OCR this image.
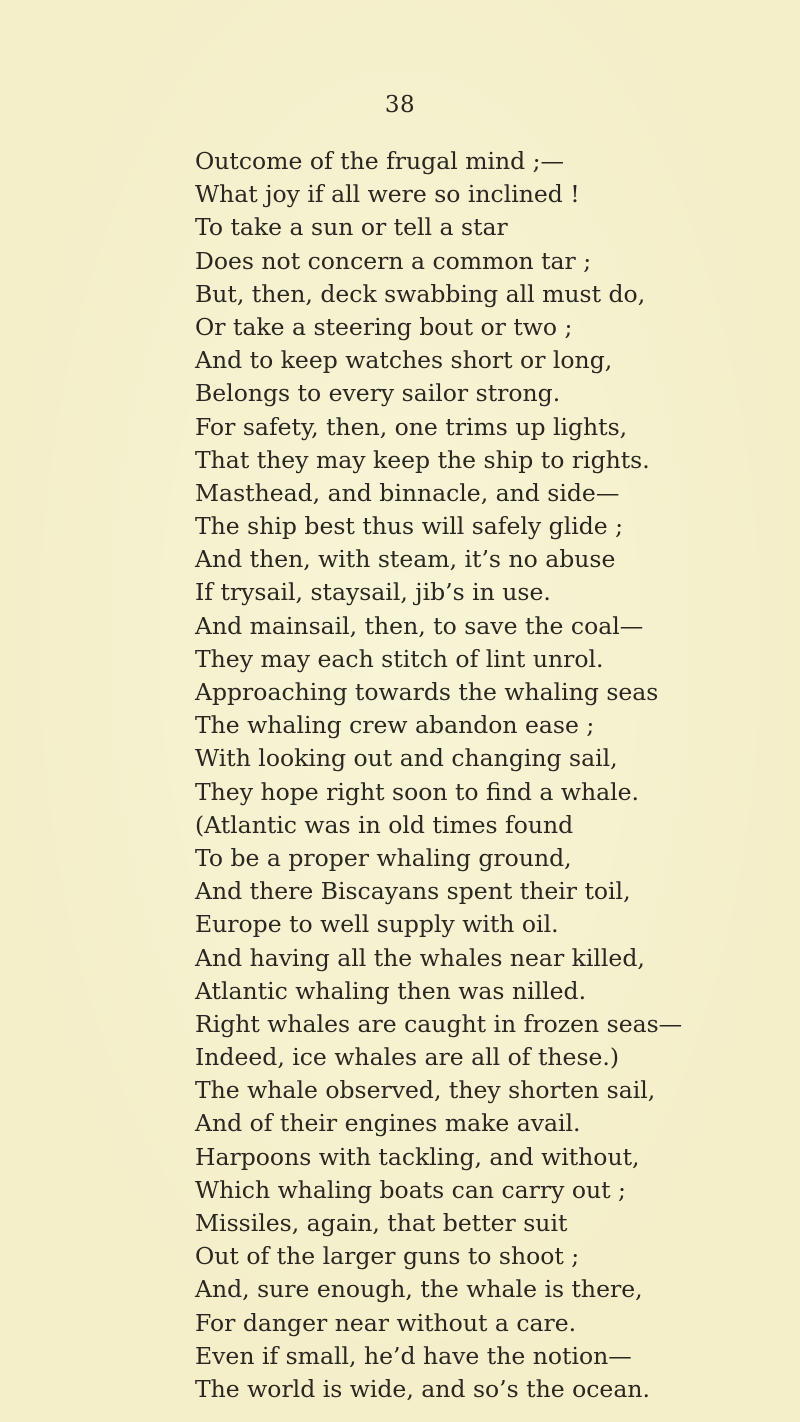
38
Outcome of the frugal mind ;—
What joy if all were so inclined !
To take a sun or tell a star
Does not concern a common tar ;
But, then, deck swabbing all must do,
Or take a steering bout or two ;
And to keep watches short or long,
Belongs to every sailor strong.
For safety, then, one trims up lights,
That they may keep the ship to rights.
Masthead, and binnacle, and side—
The ship best thus will safely glide ;
And then, with steam, it’s no abuse
If trysail, staysail, jib’s in use.
And mainsail, then, to save the coal—
They may each stitch of lint unrol.
Approaching towards the whaling seas
The whaling crew abandon ease ;
With looking out and changing sail,
They hope right soon to find a whale.
(Atlantic was in old times found
To be a proper whaling ground,
And there Biscayans spent their toil,
Europe to well supply with oil.
And having all the whales near killed,
Atlantic whaling then was nilled.
Right whales are caught in frozen seas—
Indeed, ice whales are all of these.)
The whale observed, they shorten sail,
And of their engines make avail.
Harpoons with tackling, and without,
Which whaling boats can carry out ;
Missiles, again, that better suit
Out of the larger guns to shoot ;
And, sure enough, the whale is there,
For danger near without a care.
Even if small, he’d have the notion—
The world is wide, and so’s the ocean.
